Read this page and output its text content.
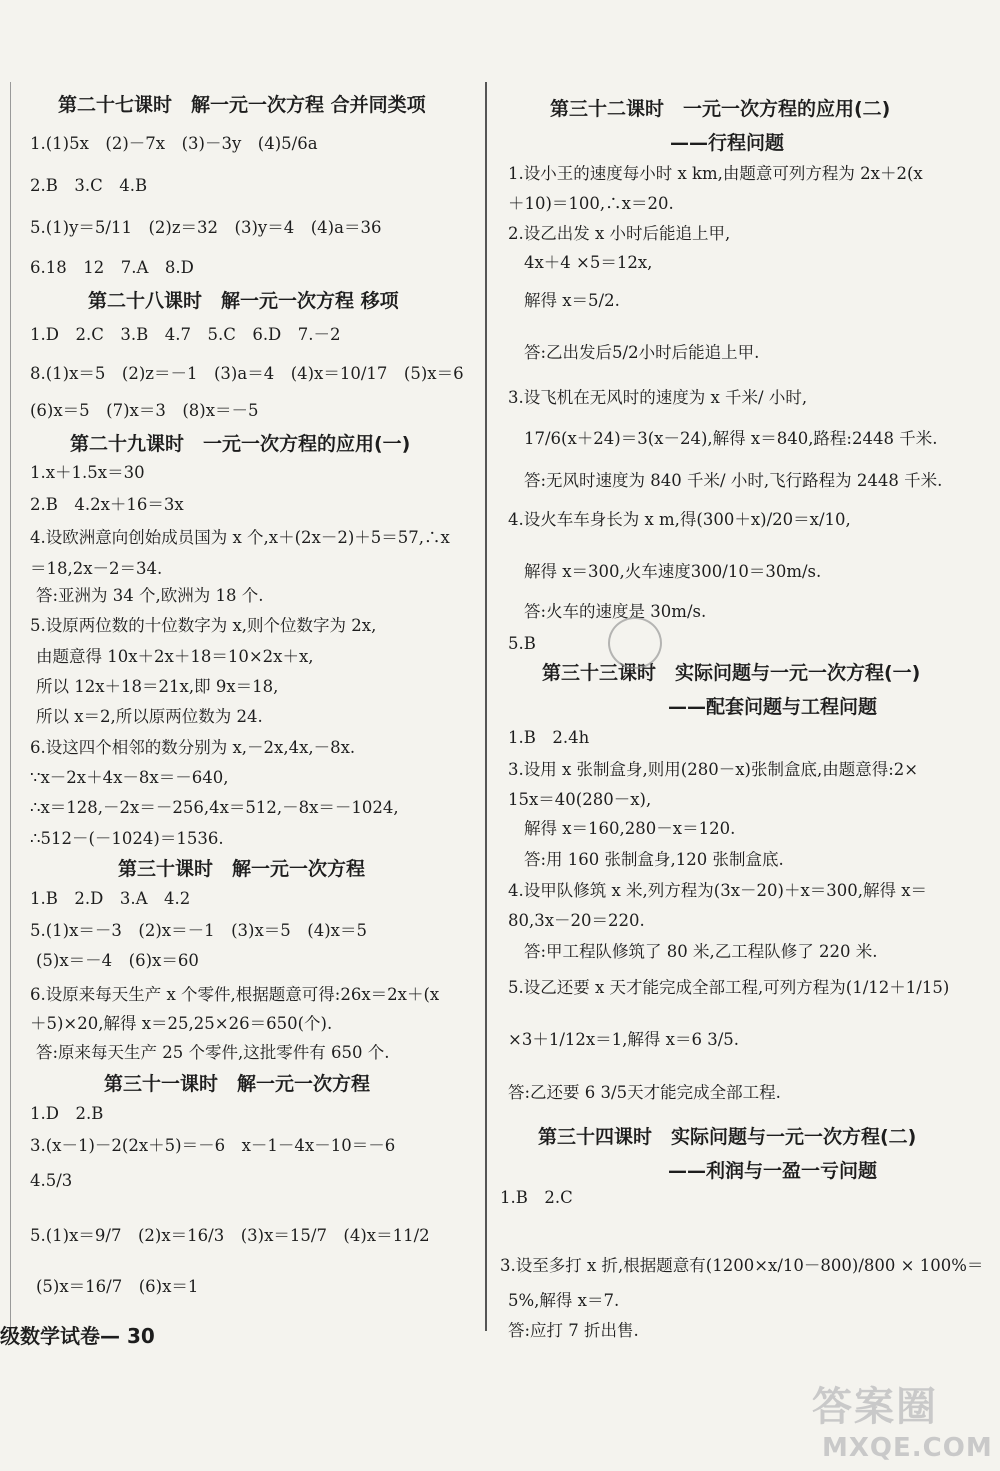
第二十七课时　解一元一次方程 合并同类项
1.(1)5x　(2)－7x　(3)－3y　(4)5/6a
2.B　3.C　4.B
5.(1)y＝5/11　(2)z＝32　(3)y＝4　(4)a＝36
6.18　12　7.A　8.D
第二十八课时　解一元一次方程 移项
1.D　2.C　3.B　4.7　5.C　6.D　7.－2
8.(1)x＝5　(2)z＝－1　(3)a＝4　(4)x＝10/17　(5)x＝6
(6)x＝5　(7)x＝3　(8)x＝－5
第二十九课时　一元一次方程的应用(一)
1.x＋1.5x＝30
2.B　4.2x＋16＝3x
4.设欧洲意向创始成员国为 x 个,x＋(2x－2)＋5＝57,∴x
＝18,2x－2＝34.
答:亚洲为 34 个,欧洲为 18 个.
5.设原两位数的十位数字为 x,则个位数字为 2x,
由题意得 10x＋2x＋18＝10×2x＋x,
所以 12x＋18＝21x,即 9x＝18,
所以 x＝2,所以原两位数为 24.
6.设这四个相邻的数分别为 x,－2x,4x,－8x.
∵x－2x＋4x－8x＝－640,
∴x＝128,－2x＝－256,4x＝512,－8x＝－1024,
∴512－(－1024)＝1536.
第三十课时　解一元一次方程
1.B　2.D　3.A　4.2
5.(1)x＝－3　(2)x＝－1　(3)x＝5　(4)x＝5
(5)x＝－4　(6)x＝60
6.设原来每天生产 x 个零件,根据题意可得:26x＝2x＋(x
＋5)×20,解得 x＝25,25×26＝650(个).
答:原来每天生产 25 个零件,这批零件有 650 个.
第三十一课时　解一元一次方程
1.D　2.B
3.(x－1)－2(2x＋5)＝－6　x－1－4x－10＝－6
4.5/3
5.(1)x＝9/7　(2)x＝16/3　(3)x＝15/7　(4)x＝11/2
(5)x＝16/7　(6)x＝1
级数学试卷— 30
第三十二课时　一元一次方程的应用(二)
——行程问题
1.设小王的速度每小时 x km,由题意可列方程为 2x＋2(x
＋10)＝100,∴x＝20.
2.设乙出发 x 小时后能追上甲,
4x＋4 ×5＝12x,
解得 x＝5/2.
答:乙出发后5/2小时后能追上甲.
3.设飞机在无风时的速度为 x 千米/ 小时,
17/6(x＋24)＝3(x－24),解得 x＝840,路程:2448 千米.
答:无风时速度为 840 千米/ 小时,飞行路程为 2448 千米.
4.设火车车身长为 x m,得(300＋x)/20＝x/10,
解得 x＝300,火车速度300/10＝30m/s.
答:火车的速度是 30m/s.
5.B
第三十三课时　实际问题与一元一次方程(一)
——配套问题与工程问题
1.B　2.4h
3.设用 x 张制盒身,则用(280－x)张制盒底,由题意得:2×
15x＝40(280－x),
解得 x＝160,280－x＝120.
答:用 160 张制盒身,120 张制盒底.
4.设甲队修筑 x 米,列方程为(3x－20)＋x＝300,解得 x＝
80,3x－20＝220.
答:甲工程队修筑了 80 米,乙工程队修了 220 米.
5.设乙还要 x 天才能完成全部工程,可列方程为(1/12＋1/15)
×3＋1/12x＝1,解得 x＝6 3/5.
答:乙还要 6 3/5天才能完成全部工程.
第三十四课时　实际问题与一元一次方程(二)
——利润与一盈一亏问题
1.B　2.C
3.设至多打 x 折,根据题意有(1200×x/10－800)/800 × 100%＝
5%,解得 x＝7.
答:应打 7 折出售.
答案圈
MXQE.COM
